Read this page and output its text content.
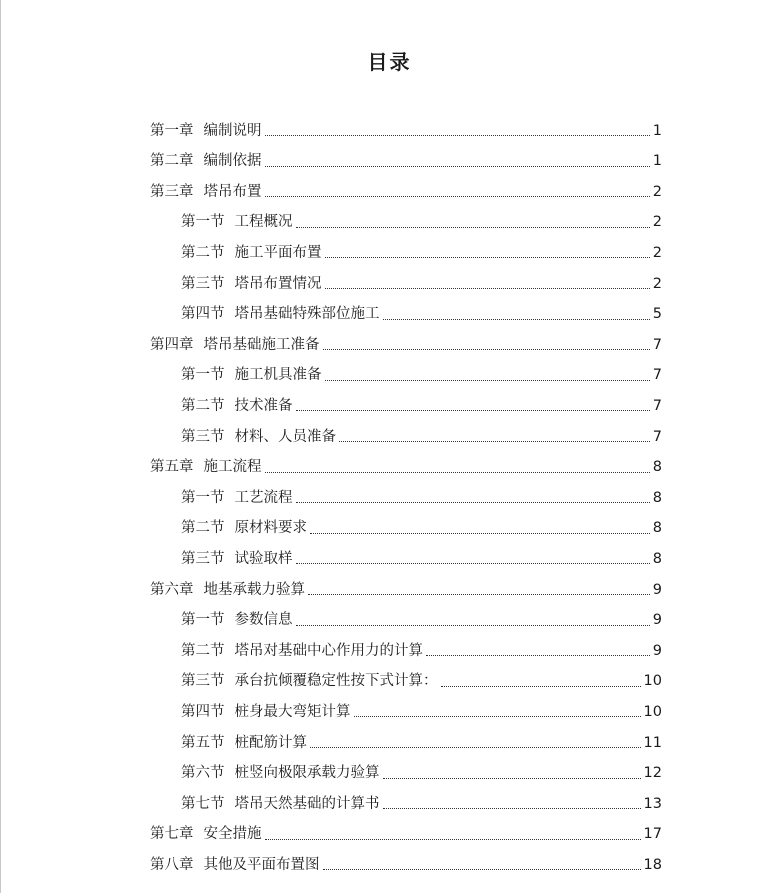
目录
第一章 编制说明	1
第二章 编制依据	1
第三章 塔吊布置	2
第一节 工程概况	2
第二节 施工平面布置	2
第三节 塔吊布置情况	2
第四节 塔吊基础特殊部位施工	5
第四章 塔吊基础施工准备	7
第一节 施工机具准备	7
第二节 技术准备	7
第三节 材料、人员准备	7
第五章 施工流程	8
第一节 工艺流程	8
第二节 原材料要求	8
第三节 试验取样	8
第六章 地基承载力验算	9
第一节 参数信息	9
第二节 塔吊对基础中心作用力的计算	9
第三节 承台抗倾覆稳定性按下式计算：	10
第四节 桩身最大弯矩计算	10
第五节 桩配筋计算	11
第六节 桩竖向极限承载力验算	12
第七节 塔吊天然基础的计算书	13
第七章 安全措施	17
第八章 其他及平面布置图	18
